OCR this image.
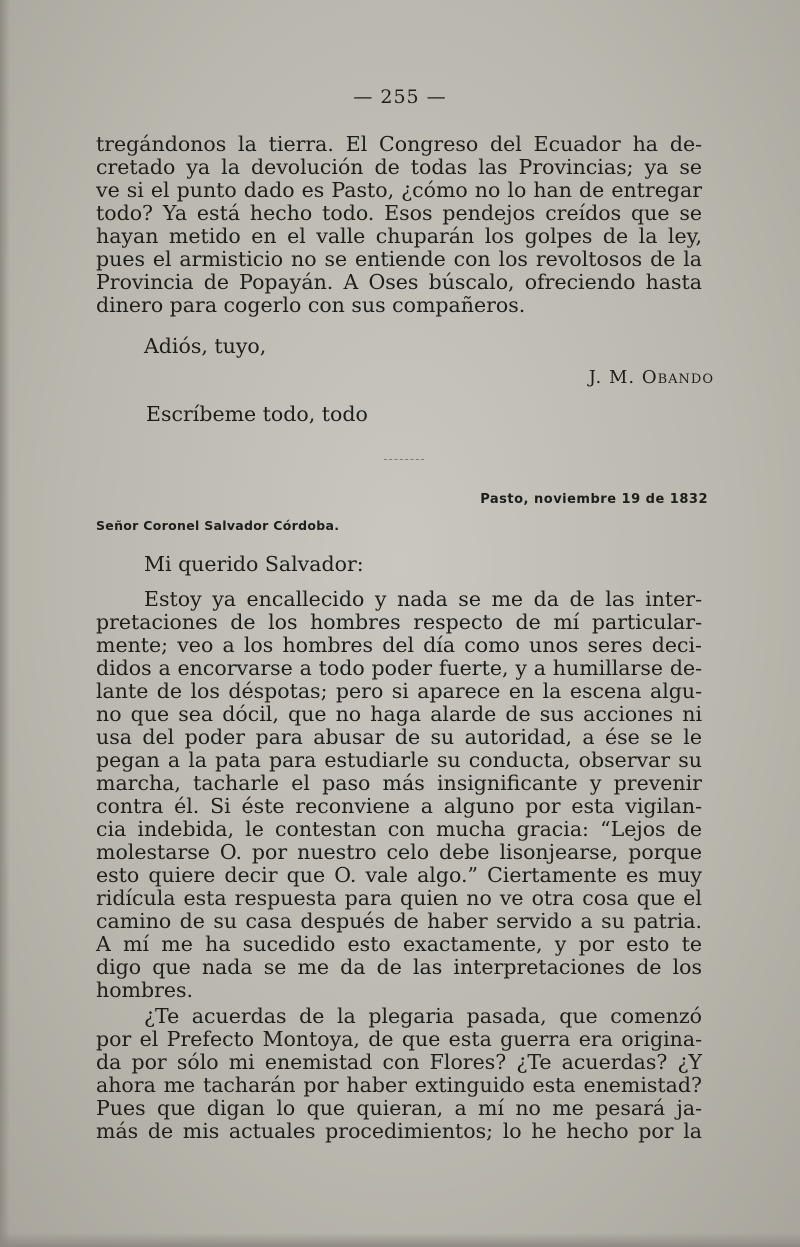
— 255 —
tregándonos la tierra. El Congreso del Ecuador ha de-
cretado ya la devolución de todas las Provincias; ya se
ve si el punto dado es Pasto, ¿cómo no lo han de entregar
todo? Ya está hecho todo. Esos pendejos creídos que se
hayan metido en el valle chuparán los golpes de la ley,
pues el armisticio no se entiende con los revoltosos de la
Provincia de Popayán. A Oses búscalo, ofreciendo hasta
dinero para cogerlo con sus compañeros.
Adiós, tuyo,
J. M. Obando
Escríbeme todo, todo
Pasto, noviembre 19 de 1832
Señor Coronel Salvador Córdoba.
Mi querido Salvador:
Estoy ya encallecido y nada se me da de las inter-
pretaciones de los hombres respecto de mí particular-
mente; veo a los hombres del día como unos seres deci-
didos a encorvarse a todo poder fuerte, y a humillarse de-
lante de los déspotas; pero si aparece en la escena algu-
no que sea dócil, que no haga alarde de sus acciones ni
usa del poder para abusar de su autoridad, a ése se le
pegan a la pata para estudiarle su conducta, observar su
marcha, tacharle el paso más insignificante y prevenir
contra él. Si éste reconviene a alguno por esta vigilan-
cia indebida, le contestan con mucha gracia: “Lejos de
molestarse O. por nuestro celo debe lisonjearse, porque
esto quiere decir que O. vale algo.” Ciertamente es muy
ridícula esta respuesta para quien no ve otra cosa que el
camino de su casa después de haber servido a su patria.
A mí me ha sucedido esto exactamente, y por esto te
digo que nada se me da de las interpretaciones de los
hombres.
¿Te acuerdas de la plegaria pasada, que comenzó
por el Prefecto Montoya, de que esta guerra era origina-
da por sólo mi enemistad con Flores? ¿Te acuerdas? ¿Y
ahora me tacharán por haber extinguido esta enemistad?
Pues que digan lo que quieran, a mí no me pesará ja-
más de mis actuales procedimientos; lo he hecho por la
